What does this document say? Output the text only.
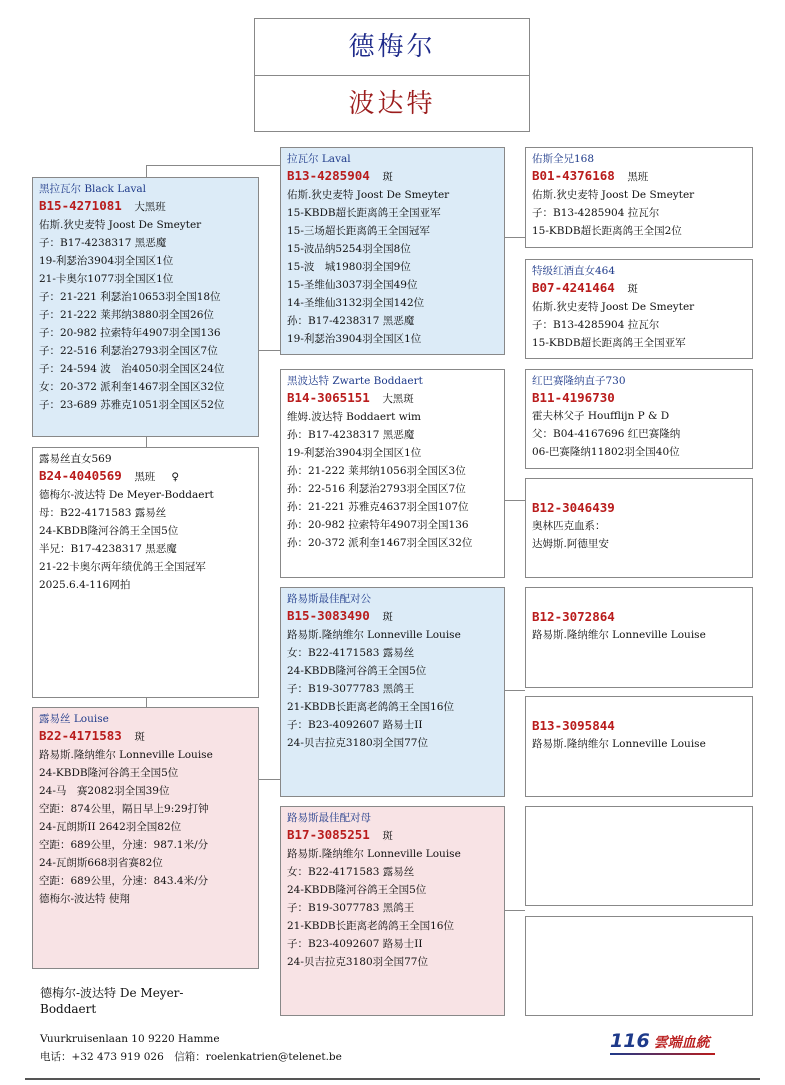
德梅尔
波达特
黑拉瓦尔 Black Laval
B15-4271081　 大黑班
佑斯.狄史麦特 Joost De Smeyter
子：B17-4238317 黑恶魔
19-利瑟治3904羽全国区1位
21-卡奥尔1077羽全国区1位
子：21-221 利瑟治10653羽全国18位
子：21-222 莱邦纳3880羽全国26位
子：20-982 拉索特年4907羽全国136
子：22-516 利瑟治2793羽全国区7位
子：24-594 波　治4050羽全国区24位
女：20-372 派利奎1467羽全国区32位
子：23-689 苏雅克1051羽全国区52位
露易丝直女569
B24-4040569　 黑班 ♀
德梅尔-波达特 De Meyer-Boddaert
母：B22-4171583 露易丝
24-KBDB隆河谷鸽王全国5位
半兄：B17-4238317 黑恶魔
21-22卡奥尔两年绩优鸽王全国冠军
2025.6.4-116网拍
露易丝 Louise
B22-4171583　 斑
路易斯.隆纳维尔 Lonneville Louise
24-KBDB隆河谷鸽王全国5位
24-马　赛2082羽全国39位
空距：874公里，隔日早上9:29打钟
24-瓦朗斯II 2642羽全国82位
空距：689公里，分速：987.1米/分
24-瓦朗斯668羽省赛82位
空距：689公里，分速：843.4米/分
德梅尔-波达特 使翔
拉瓦尔 Laval
B13-4285904　 斑
佑斯.狄史麦特 Joost De Smeyter
15-KBDB超长距离鸽王全国亚军
15-三场超长距离鸽王全国冠军
15-波品纳5254羽全国8位
15-波　城1980羽全国9位
15-圣维仙3037羽全国49位
14-圣维仙3132羽全国142位
孙：B17-4238317 黑恶魔
19-利瑟治3904羽全国区1位
黑波达特 Zwarte Boddaert
B14-3065151　 大黑斑
维姆.波达特 Boddaert wim
孙：B17-4238317 黑恶魔
19-利瑟治3904羽全国区1位
孙：21-222 莱邦纳1056羽全国区3位
孙：22-516 利瑟治2793羽全国区7位
孙：21-221 苏雅克4637羽全国107位
孙：20-982 拉索特年4907羽全国136
孙：20-372 派利奎1467羽全国区32位
路易斯最佳配对公
B15-3083490　 斑
路易斯.隆纳维尔 Lonneville Louise
女：B22-4171583 露易丝
24-KBDB隆河谷鸽王全国5位
子：B19-3077783 黑鸽王
21-KBDB长距离老鸽鸽王全国16位
子：B23-4092607 路易士II
24-贝吉拉克3180羽全国77位
路易斯最佳配对母
B17-3085251　 斑
路易斯.隆纳维尔 Lonneville Louise
女：B22-4171583 露易丝
24-KBDB隆河谷鸽王全国5位
子：B19-3077783 黑鸽王
21-KBDB长距离老鸽鸽王全国16位
子：B23-4092607 路易士II
24-贝吉拉克3180羽全国77位
佑斯全兄168
B01-4376168　 黑班
佑斯.狄史麦特 Joost De Smeyter
子：B13-4285904 拉瓦尔
15-KBDB超长距离鸽王全国2位
特级红酒直女464
B07-4241464　 斑
佑斯.狄史麦特 Joost De Smeyter
子：B13-4285904 拉瓦尔
15-KBDB超长距离鸽王全国亚军
红巴赛隆纳直子730
B11-4196730
霍夫林父子 Houfflijn P & D
父：B04-4167696 红巴赛隆纳
06-巴赛隆纳11802羽全国40位
B12-3046439
奥林匹克血系：
达姆斯.阿德里安
B12-3072864
路易斯.隆纳维尔 Lonneville Louise
B13-3095844
路易斯.隆纳维尔 Lonneville Louise
德梅尔-波达特 De Meyer-
Boddaert
Vuurkruisenlaan 10 9220 Hamme
电话：+32 473 919 026　信箱：roelenkatrien@telenet.be
116 雲端血統
